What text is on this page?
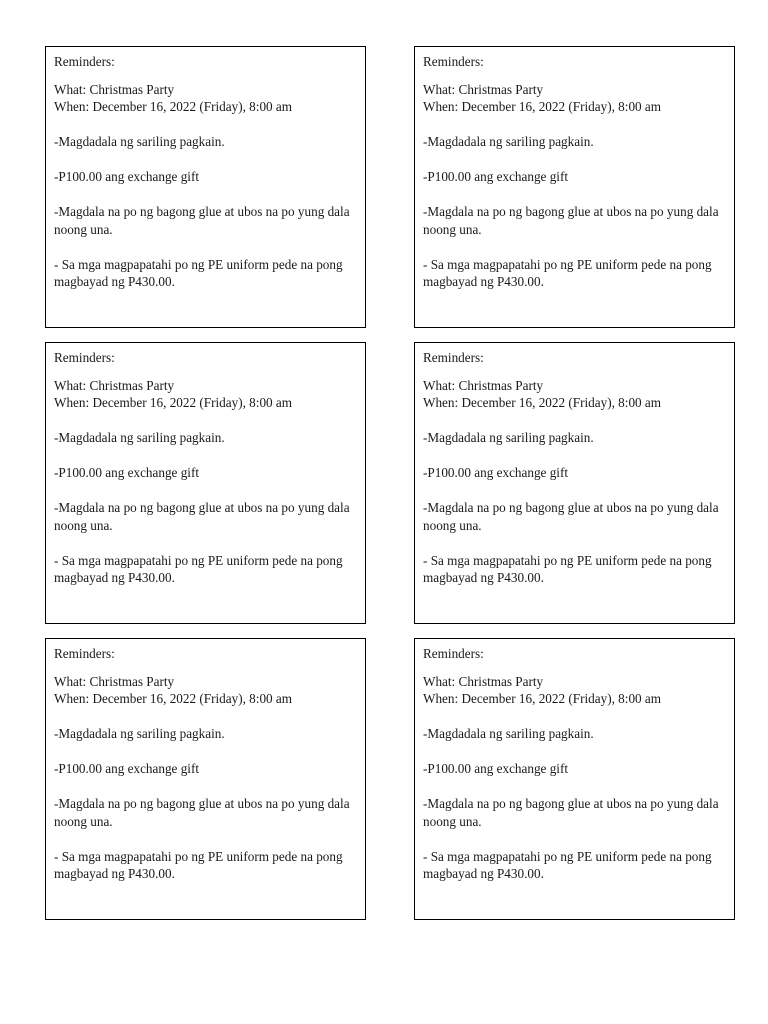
Reminders:

What: Christmas Party

When: December 16, 2022 (Friday), 8:00 am

-Magdadala ng sariling pagkain.

-P100.00 ang exchange gift

-Magdala na po ng bagong glue at ubos na po yung dala noong una.

- Sa mga magpapatahi po ng PE uniform pede na pong magbayad ng P430.00.

Reminders:

What: Christmas Party

When: December 16, 2022 (Friday), 8:00 am

-Magdadala ng sariling pagkain.

-P100.00 ang exchange gift

-Magdala na po ng bagong glue at ubos na po yung dala noong una.

- Sa mga magpapatahi po ng PE uniform pede na pong magbayad ng P430.00.

Reminders:

What: Christmas Party

When: December 16, 2022 (Friday), 8:00 am

-Magdadala ng sariling pagkain.

-P100.00 ang exchange gift

-Magdala na po ng bagong glue at ubos na po yung dala noong una.

- Sa mga magpapatahi po ng PE uniform pede na pong magbayad ng P430.00.

Reminders:

What: Christmas Party

When: December 16, 2022 (Friday), 8:00 am

-Magdadala ng sariling pagkain.

-P100.00 ang exchange gift

-Magdala na po ng bagong glue at ubos na po yung dala noong una.

- Sa mga magpapatahi po ng PE uniform pede na pong magbayad ng P430.00.

Reminders:

What: Christmas Party

When: December 16, 2022 (Friday), 8:00 am

-Magdadala ng sariling pagkain.

-P100.00 ang exchange gift

-Magdala na po ng bagong glue at ubos na po yung dala noong una.

- Sa mga magpapatahi po ng PE uniform pede na pong magbayad ng P430.00.

Reminders:

What: Christmas Party

When: December 16, 2022 (Friday), 8:00 am

-Magdadala ng sariling pagkain.

-P100.00 ang exchange gift

-Magdala na po ng bagong glue at ubos na po yung dala noong una.

- Sa mga magpapatahi po ng PE uniform pede na pong magbayad ng P430.00.
